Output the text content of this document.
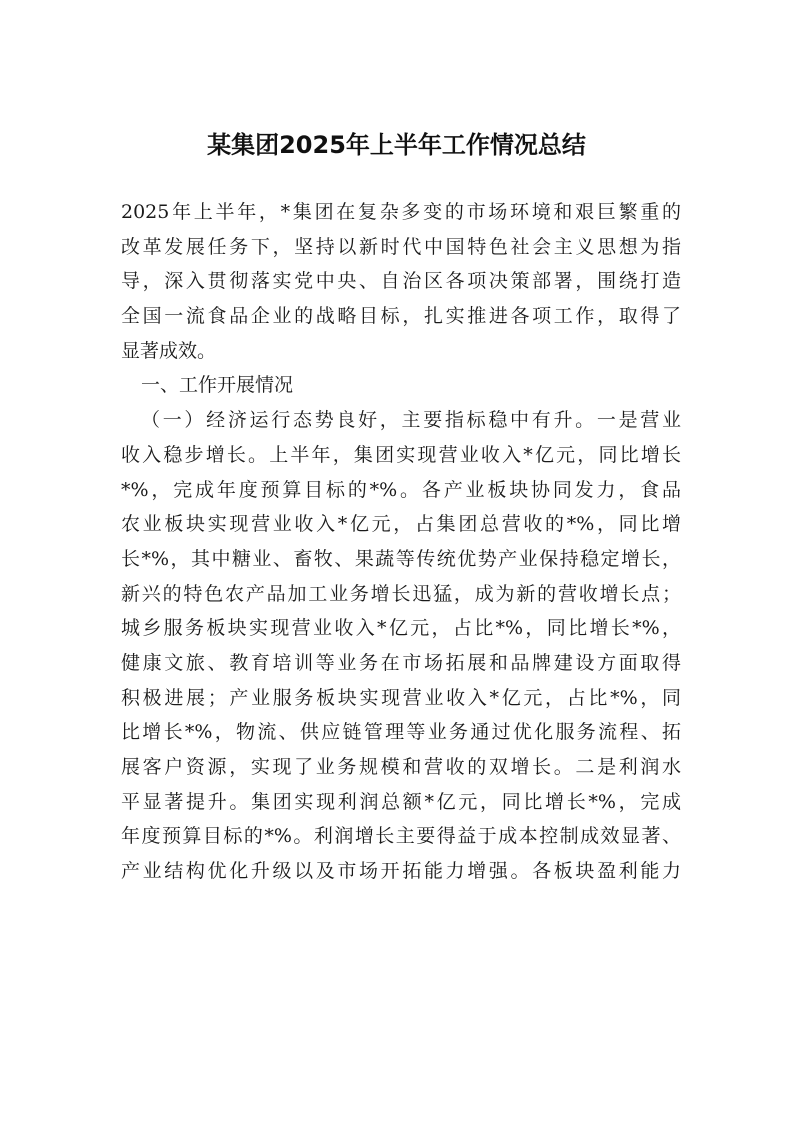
某集团2025年上半年工作情况总结
2025年上半年，*集团在复杂多变的市场环境和艰巨繁重的
改革发展任务下，坚持以新时代中国特色社会主义思想为指
导，深入贯彻落实党中央、自治区各项决策部署，围绕打造
全国一流食品企业的战略目标，扎实推进各项工作，取得了
显著成效。
一、工作开展情况
（一）经济运行态势良好，主要指标稳中有升。一是营业
收入稳步增长。上半年，集团实现营业收入*亿元，同比增长
*%，完成年度预算目标的*%。各产业板块协同发力，食品
农业板块实现营业收入*亿元，占集团总营收的*%，同比增
长*%，其中糖业、畜牧、果蔬等传统优势产业保持稳定增长，
新兴的特色农产品加工业务增长迅猛，成为新的营收增长点；
城乡服务板块实现营业收入*亿元，占比*%，同比增长*%，
健康文旅、教育培训等业务在市场拓展和品牌建设方面取得
积极进展；产业服务板块实现营业收入*亿元，占比*%，同
比增长*%，物流、供应链管理等业务通过优化服务流程、拓
展客户资源，实现了业务规模和营收的双增长。二是利润水
平显著提升。集团实现利润总额*亿元，同比增长*%，完成
年度预算目标的*%。利润增长主要得益于成本控制成效显著、
产业结构优化升级以及市场开拓能力增强。各板块盈利能力
